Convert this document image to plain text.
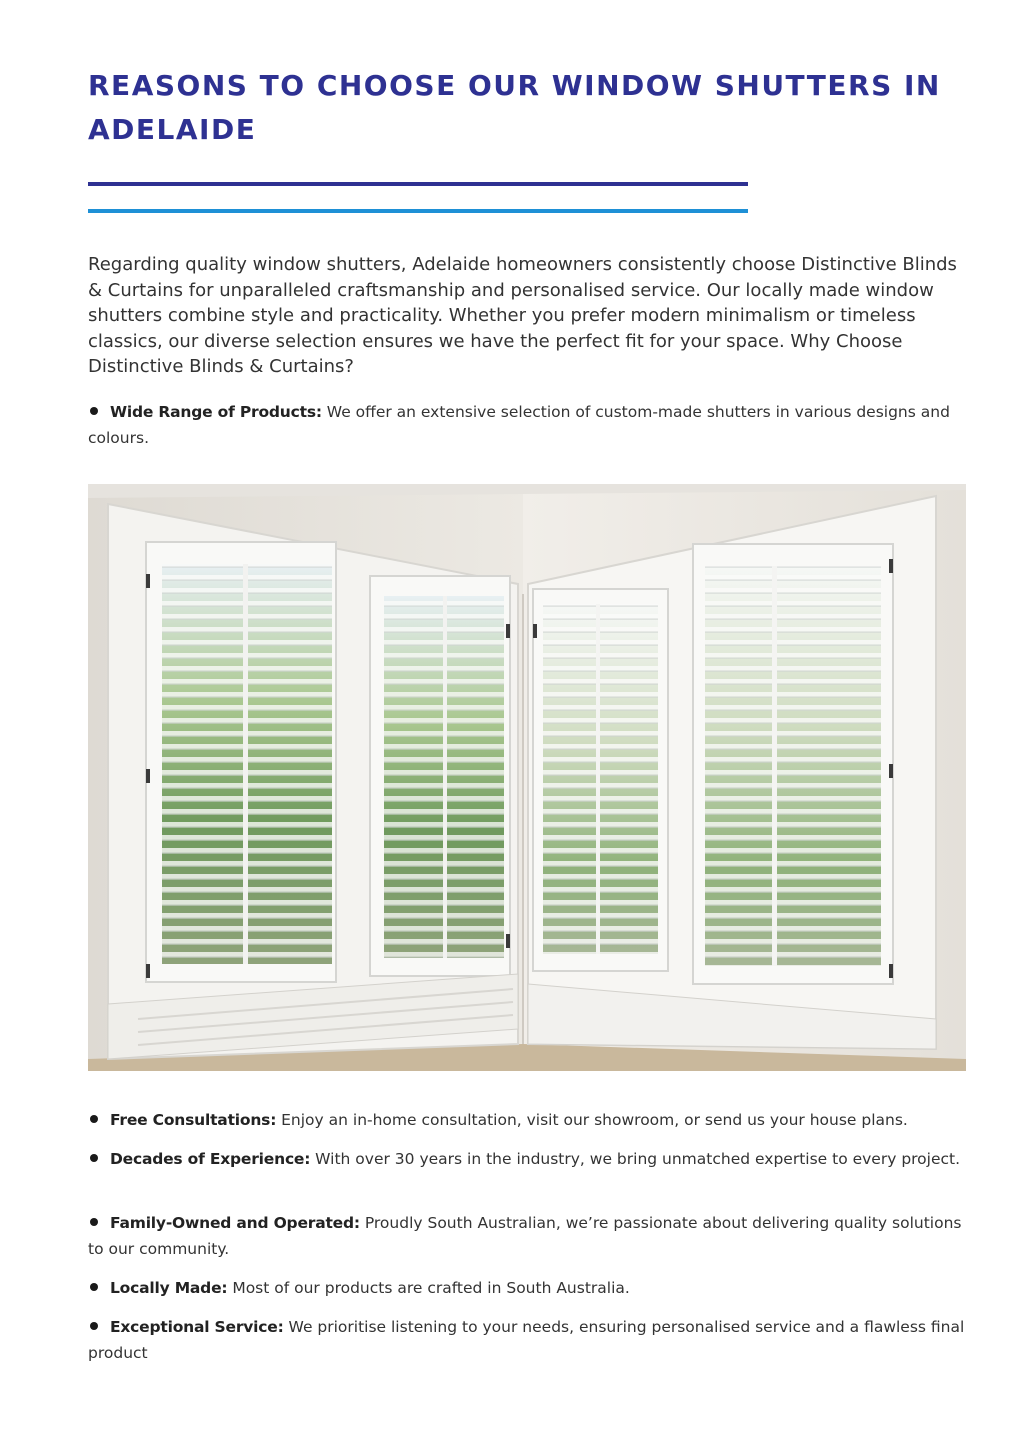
REASONS TO CHOOSE OUR WINDOW SHUTTERS IN ADELAIDE

Regarding quality window shutters, Adelaide homeowners consistently choose Distinctive Blinds & Curtains for unparalleled craftsmanship and personalised service. Our locally made window shutters combine style and practicality. Whether you prefer modern minimalism or timeless classics, our diverse selection ensures we have the perfect fit for your space. Why Choose Distinctive Blinds & Curtains?

Wide Range of Products: We offer an extensive selection of custom-made shutters in various designs and colours.

Free Consultations: Enjoy an in-home consultation, visit our showroom, or send us your house plans.

Decades of Experience: With over 30 years in the industry, we bring unmatched expertise to every project.

Family-Owned and Operated: Proudly South Australian, we’re passionate about delivering quality solutions to our community.

Locally Made: Most of our products are crafted in South Australia.

Exceptional Service: We prioritise listening to your needs, ensuring personalised service and a flawless final product
